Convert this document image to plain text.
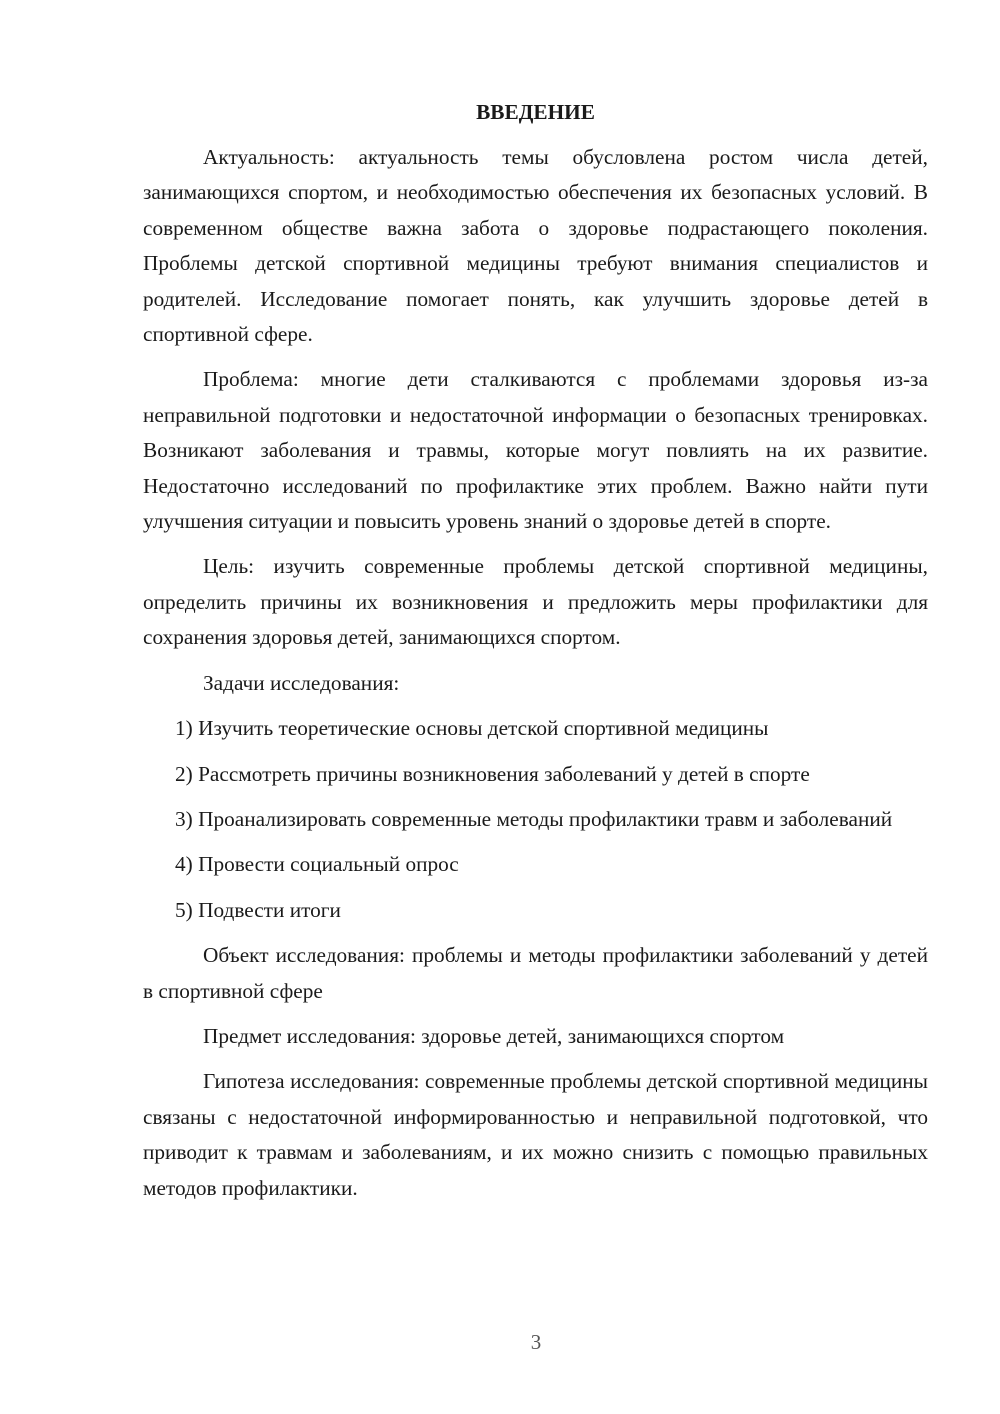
ВВЕДЕНИЕ

Актуальность: актуальность темы обусловлена ростом числа детей, занимающихся спортом, и необходимостью обеспечения их безопасных условий. В современном обществе важна забота о здоровье подрастающего поколения. Проблемы детской спортивной медицины требуют внимания специалистов и родителей. Исследование помогает понять, как улучшить здоровье детей в спортивной сфере.

Проблема: многие дети сталкиваются с проблемами здоровья из-за неправильной подготовки и недостаточной информации о безопасных тренировках. Возникают заболевания и травмы, которые могут повлиять на их развитие. Недостаточно исследований по профилактике этих проблем. Важно найти пути улучшения ситуации и повысить уровень знаний о здоровье детей в спорте.

Цель: изучить современные проблемы детской спортивной медицины, определить причины их возникновения и предложить меры профилактики для сохранения здоровья детей, занимающихся спортом.

Задачи исследования:

1) Изучить теоретические основы детской спортивной медицины

2) Рассмотреть причины возникновения заболеваний у детей в спорте

3) Проанализировать современные методы профилактики травм и заболеваний

4) Провести социальный опрос

5) Подвести итоги

Объект исследования: проблемы и методы профилактики заболеваний у детей в спортивной сфере

Предмет исследования: здоровье детей, занимающихся спортом

Гипотеза исследования: современные проблемы детской спортивной медицины связаны с недостаточной информированностью и неправильной подготовкой, что приводит к травмам и заболеваниям, и их можно снизить с помощью правильных методов профилактики.

3
